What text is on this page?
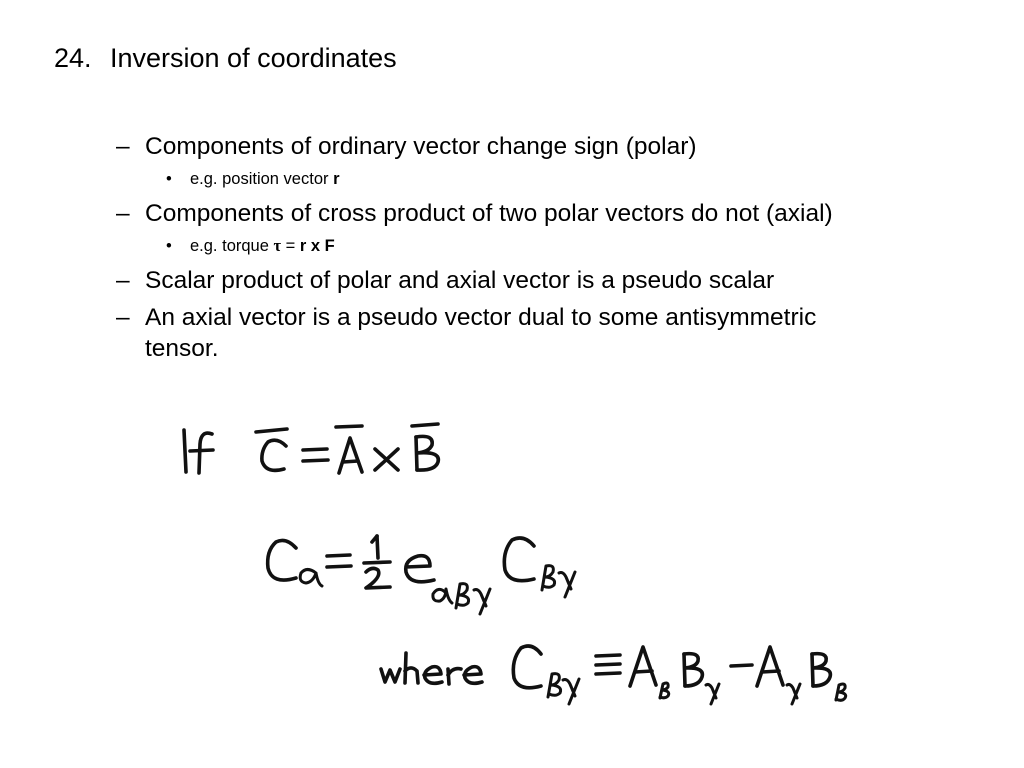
24. Inversion of coordinates
– Components of ordinary vector change sign (polar)
• e.g. position vector r
– Components of cross product of two polar vectors do not (axial)
• e.g. torque τ = r x F
– Scalar product of polar and axial vector is a pseudo scalar
– An axial vector is a pseudo vector dual to some antisymmetric
tensor.
